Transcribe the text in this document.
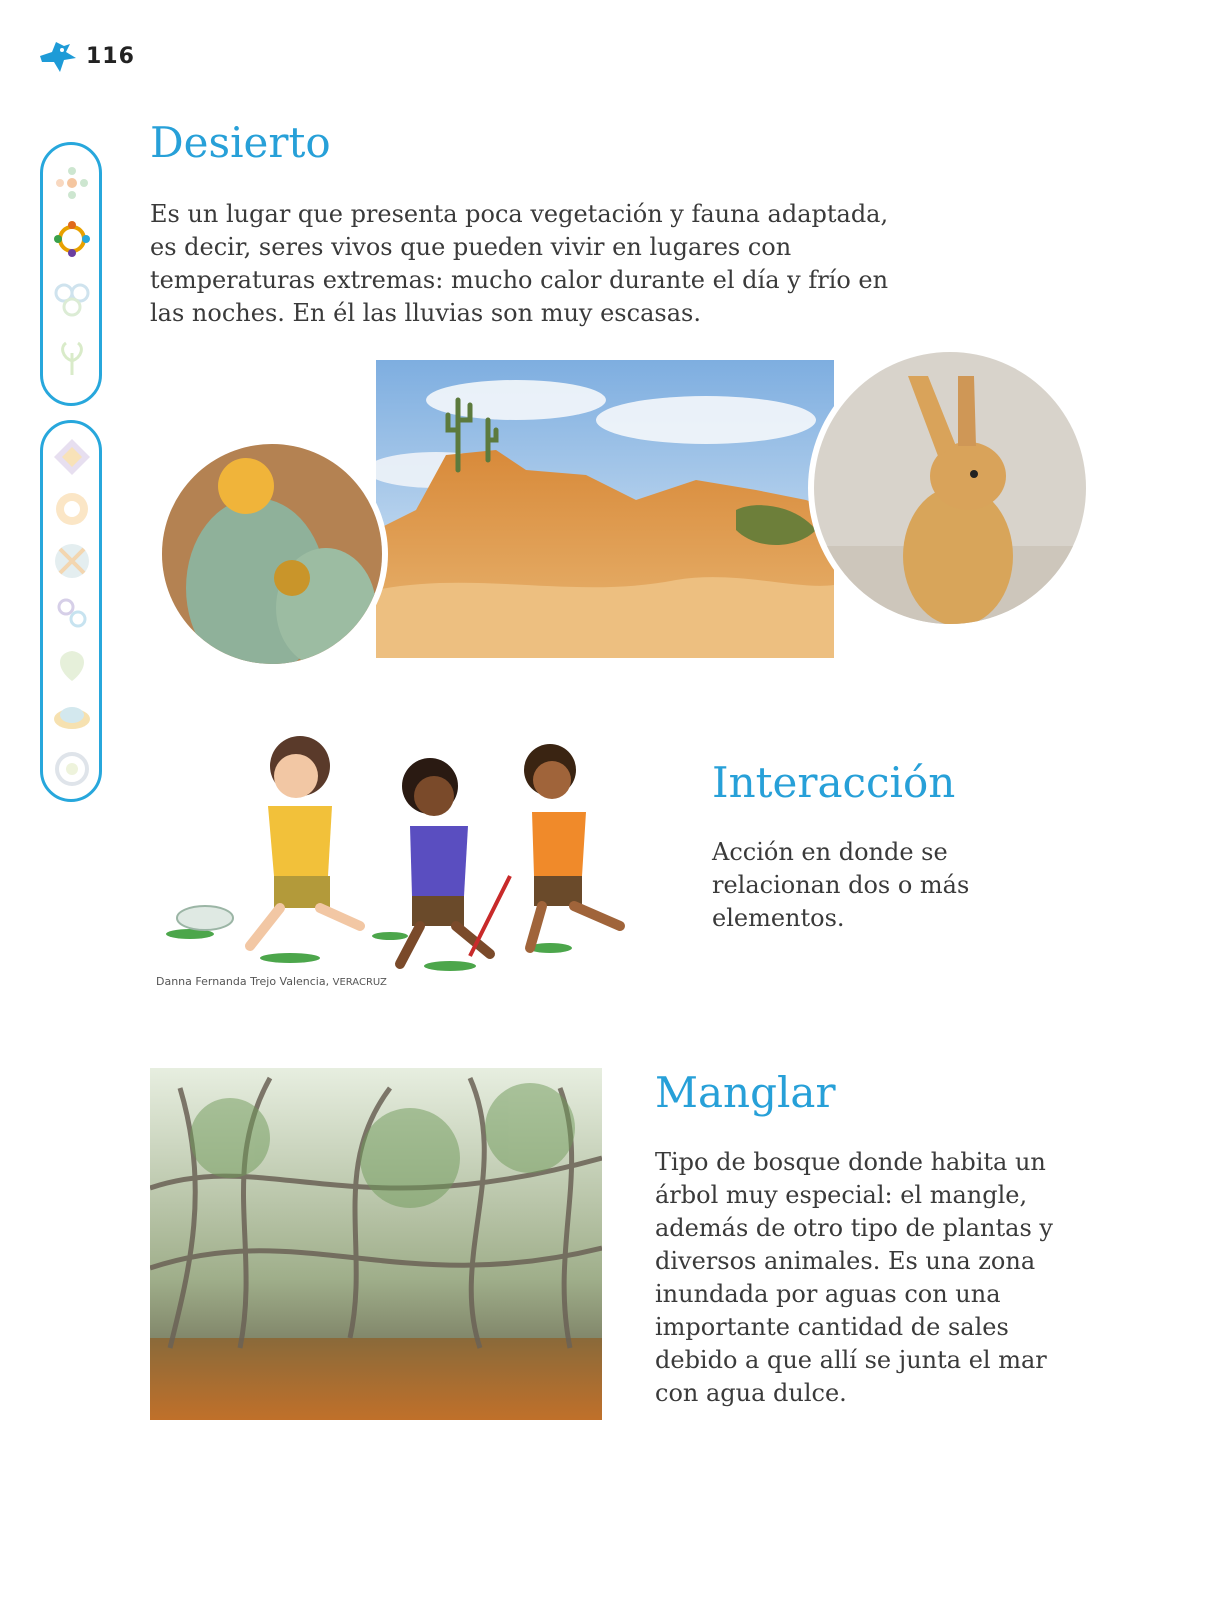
116
Desierto

Es un lugar que presenta poca vegetación y fauna adaptada, es decir, seres vivos que pueden vivir en lugares con temperaturas extremas: mucho calor durante el día y frío en las noches. En él las lluvias son muy escasas.

Danna Fernanda Trejo Valencia, VERACRUZ
Interacción

Acción en donde se relacionan dos o más elementos.

Manglar

Tipo de bosque donde habita un árbol muy especial: el mangle, además de otro tipo de plantas y diversos animales. Es una zona inundada por aguas con una importante cantidad de sales debido a que allí se junta el mar con agua dulce.
